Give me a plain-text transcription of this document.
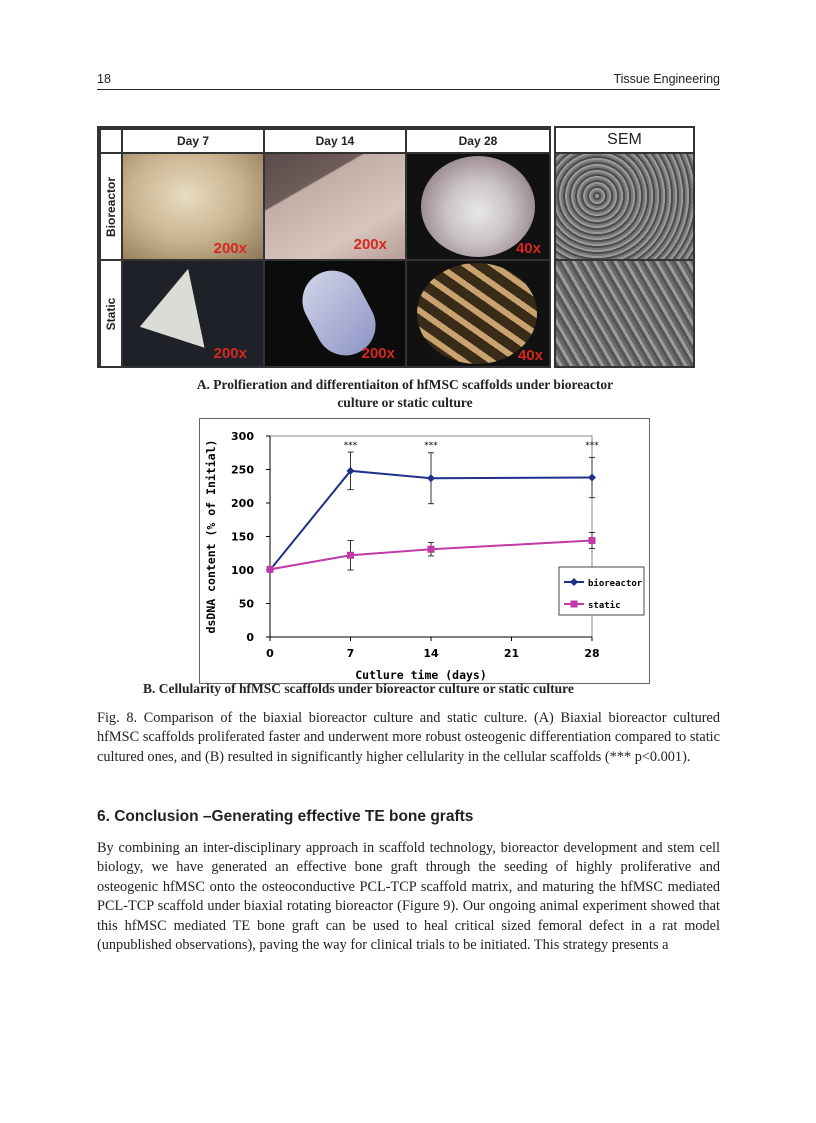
18	Tissue Engineering
Day 7	Day 14	Day 28
Bioreactor
Static
200x	200x	40x
200x	200x	40x
SEM
A. Prolfieration and differentiaiton of hfMSC scaffolds under bioreactor
culture or static culture
0
50
100
150
200
250
300
0	7	14	21	28
dsDNA content (% of Initial)
Cutlure time (days)
***	***	***
bioreactor
static
B. Cellularity of hfMSC scaffolds under bioreactor culture or static culture
Fig. 8. Comparison of the biaxial bioreactor culture and static culture. (A) Biaxial bioreactor cultured hfMSC scaffolds proliferated faster and underwent more robust osteogenic differentiation compared to static cultured ones, and (B) resulted in significantly higher cellularity in the cellular scaffolds (*** p<0.001).
6. Conclusion –Generating effective TE bone grafts
By combining an inter-disciplinary approach in scaffold technology, bioreactor development and stem cell biology, we have generated an effective bone graft through the seeding of highly proliferative and osteogenic hfMSC onto the osteoconductive PCL-TCP scaffold matrix, and maturing the hfMSC mediated PCL-TCP scaffold under biaxial rotating bioreactor (Figure 9). Our ongoing animal experiment showed that this hfMSC mediated TE bone graft can be used to heal critical sized femoral defect in a rat model (unpublished observations), paving the way for clinical trials to be initiated. This strategy presents a
